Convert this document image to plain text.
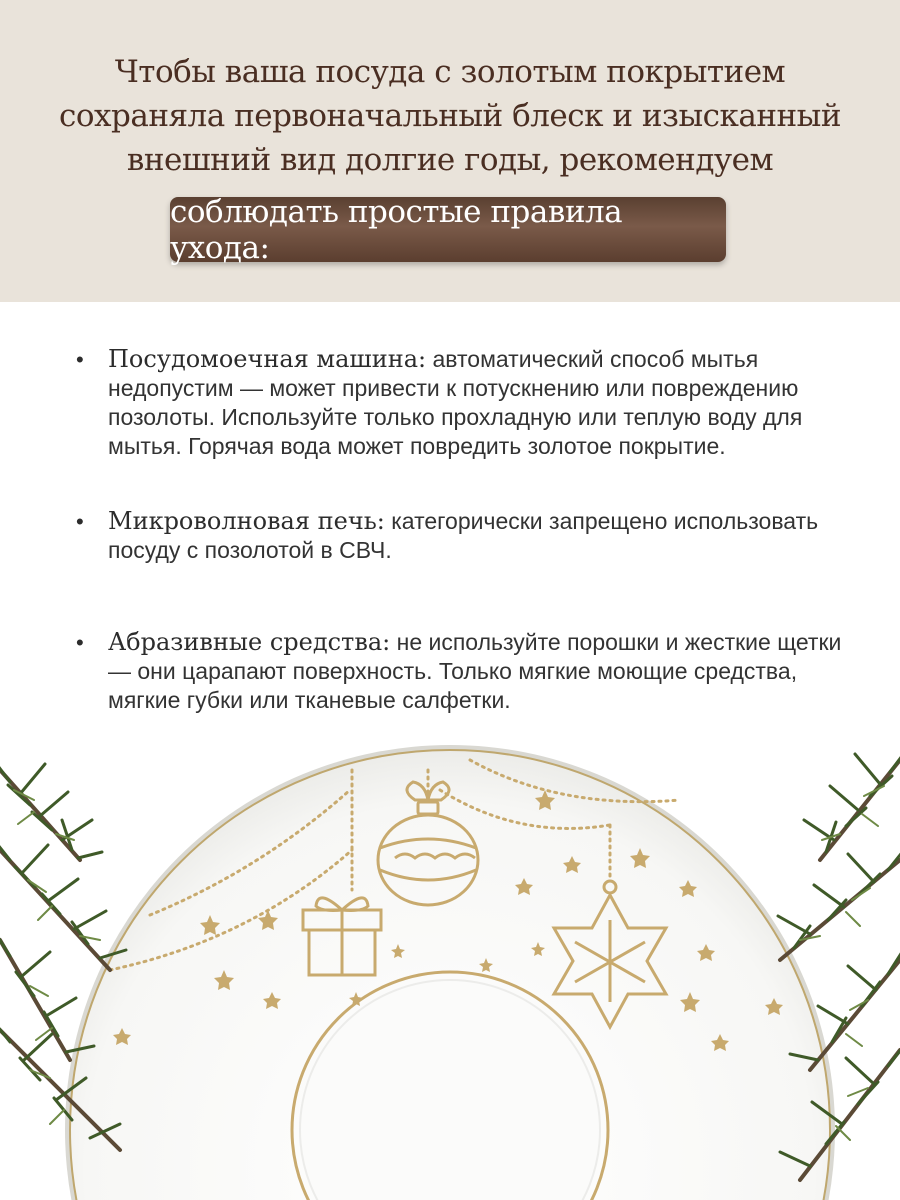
Чтобы ваша посуда с золотым покрытием сохраняла первоначальный блеск и изысканный внешний вид долгие годы, рекомендуем
соблюдать простые правила ухода:
• Посудомоечная машина: автоматический способ мытья недопустим — может привести к потускнению или повреждению позолоты. Используйте только прохладную или теплую воду для мытья. Горячая вода может повредить золотое покрытие.
• Микроволновая печь: категорически запрещено использовать посуду с позолотой в СВЧ.
• Абразивные средства: не используйте порошки и жесткие щетки — они царапают поверхность. Только мягкие моющие средства, мягкие губки или тканевые салфетки.
